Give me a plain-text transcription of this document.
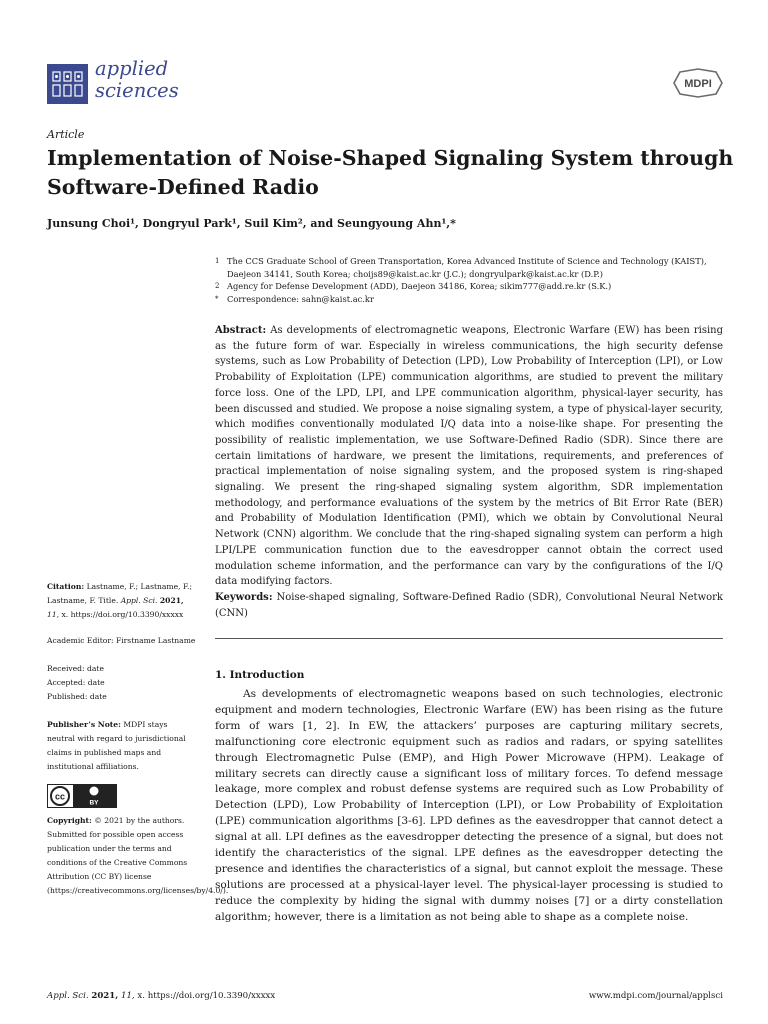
applied
sciences	MDPI
Article
Implementation of Noise-Shaped Signaling System through Software-Defined Radio
Junsung Choi¹, Dongryul Park¹, Suil Kim², and Seungyoung Ahn¹,*
1 The CCS Graduate School of Green Transportation, Korea Advanced Institute of Science and Technology (KAIST), Daejeon 34141, South Korea; choijs89@kaist.ac.kr (J.C.); dongryulpark@kaist.ac.kr (D.P.)
2 Agency for Defense Development (ADD), Daejeon 34186, Korea; sikim777@add.re.kr (S.K.)
* Correspondence: sahn@kaist.ac.kr
Abstract: As developments of electromagnetic weapons, Electronic Warfare (EW) has been rising as the future form of war. Especially in wireless communications, the high security defense systems, such as Low Probability of Detection (LPD), Low Probability of Interception (LPI), or Low Probability of Exploitation (LPE) communication algorithms, are studied to prevent the military force loss. One of the LPD, LPI, and LPE communication algorithm, physical-layer security, has been discussed and studied. We propose a noise signaling system, a type of physical-layer security, which modifies conventionally modulated I/Q data into a noise-like shape. For presenting the possibility of realistic implementation, we use Software-Defined Radio (SDR). Since there are certain limitations of hardware, we present the limitations, requirements, and preferences of practical implementation of noise signaling system, and the proposed system is ring-shaped signaling. We present the ring-shaped signaling system algorithm, SDR implementation methodology, and performance evaluations of the system by the metrics of Bit Error Rate (BER) and Probability of Modulation Identification (PMI), which we obtain by Convolutional Neural Network (CNN) algorithm. We conclude that the ring-shaped signaling system can perform a high LPI/LPE communication function due to the eavesdropper cannot obtain the correct used modulation scheme information, and the performance can vary by the configurations of the I/Q data modifying factors.
Keywords: Noise-shaped signaling, Software-Defined Radio (SDR), Convolutional Neural Network (CNN)

Citation: Lastname, F.; Lastname, F.; Lastname, F. Title. Appl. Sci. 2021, 11, x. https://doi.org/10.3390/xxxxx

Academic Editor: Firstname Lastname

Received: date

Accepted: date

Published: date

Publisher’s Note: MDPI stays neutral with regard to jurisdictional claims in published maps and institutional affiliations.

cc
BY

Copyright: © 2021 by the authors. Submitted for possible open access publication under the terms and conditions of the Creative Commons Attribution (CC BY) license (https://creativecommons.org/licenses/by/4.0/).

1. Introduction
As developments of electromagnetic weapons based on such technologies, electronic equipment and modern technologies, Electronic Warfare (EW) has been rising as the future form of wars [1, 2]. In EW, the attackers’ purposes are capturing military secrets, malfunctioning core electronic equipment such as radios and radars, or spying satellites through Electromagnetic Pulse (EMP), and High Power Microwave (HPM). Leakage of military secrets can directly cause a significant loss of military forces. To defend message leakage, more complex and robust defense systems are required such as Low Probability of Detection (LPD), Low Probability of Interception (LPI), or Low Probability of Exploitation (LPE) communication algorithms [3-6]. LPD defines as the eavesdropper that cannot detect a signal at all. LPI defines as the eavesdropper detecting the presence of a signal, but does not identify the characteristics of the signal. LPE defines as the eavesdropper detecting the presence and identifies the characteristics of a signal, but cannot exploit the message. These solutions are processed at a physical-layer level. The physical-layer processing is studied to reduce the complexity by hiding the signal with dummy noises [7] or a dirty constellation algorithm; however, there is a limitation as not being able to shape as a complete noise.
Appl. Sci. 2021, 11, x. https://doi.org/10.3390/xxxxx	www.mdpi.com/journal/applsci
